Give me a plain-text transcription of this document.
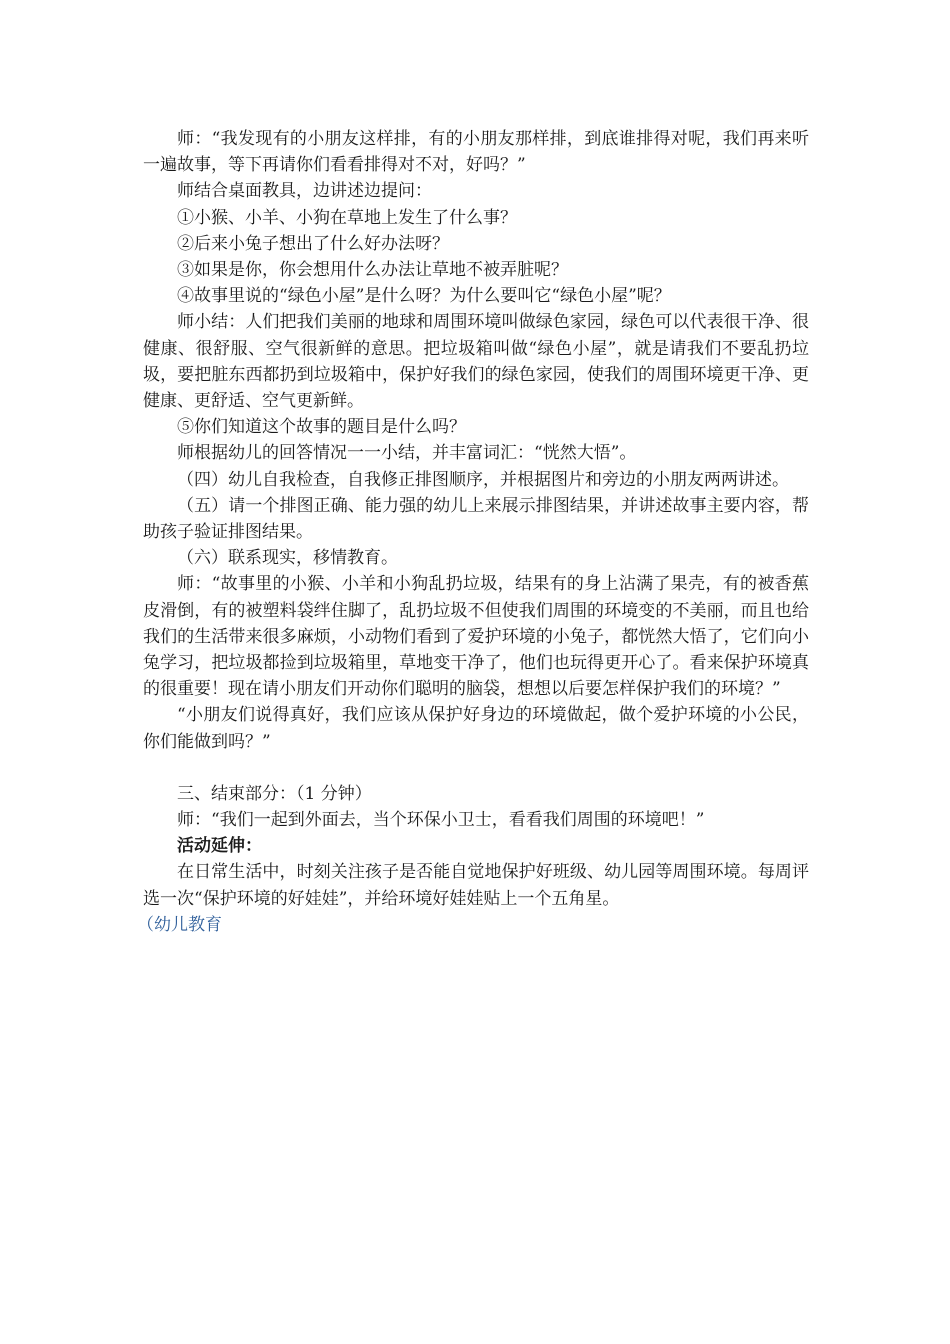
师：“我发现有的小朋友这样排，有的小朋友那样排，到底谁排得对呢，我们再来听一遍故事，等下再请你们看看排得对不对，好吗？”

师结合桌面教具，边讲述边提问：

①小猴、小羊、小狗在草地上发生了什么事？

②后来小兔子想出了什么好办法呀？

③如果是你，你会想用什么办法让草地不被弄脏呢？

④故事里说的“绿色小屋”是什么呀？为什么要叫它“绿色小屋”呢？

师小结：人们把我们美丽的地球和周围环境叫做绿色家园，绿色可以代表很干净、很健康、很舒服、空气很新鲜的意思。把垃圾箱叫做“绿色小屋”，就是请我们不要乱扔垃圾，要把脏东西都扔到垃圾箱中，保护好我们的绿色家园，使我们的周围环境更干净、更健康、更舒适、空气更新鲜。

⑤你们知道这个故事的题目是什么吗？

师根据幼儿的回答情况一一小结，并丰富词汇：“恍然大悟”。

（四）幼儿自我检查，自我修正排图顺序，并根据图片和旁边的小朋友两两讲述。

（五）请一个排图正确、能力强的幼儿上来展示排图结果，并讲述故事主要内容，帮助孩子验证排图结果。

（六）联系现实，移情教育。

师：“故事里的小猴、小羊和小狗乱扔垃圾，结果有的身上沾满了果壳，有的被香蕉皮滑倒，有的被塑料袋绊住脚了，乱扔垃圾不但使我们周围的环境变的不美丽，而且也给我们的生活带来很多麻烦，小动物们看到了爱护环境的小兔子，都恍然大悟了，它们向小兔学习，把垃圾都捡到垃圾箱里，草地变干净了，他们也玩得更开心了。看来保护环境真的很重要！现在请小朋友们开动你们聪明的脑袋，想想以后要怎样保护我们的环境？”

“小朋友们说得真好，我们应该从保护好身边的环境做起，做个爱护环境的小公民，你们能做到吗？”

三、结束部分：（1 分钟）

师：“我们一起到外面去，当个环保小卫士，看看我们周围的环境吧！”

活动延伸：

在日常生活中，时刻关注孩子是否能自觉地保护好班级、幼儿园等周围环境。每周评选一次“保护环境的好娃娃”，并给环境好娃娃贴上一个五角星。

（幼儿教育
